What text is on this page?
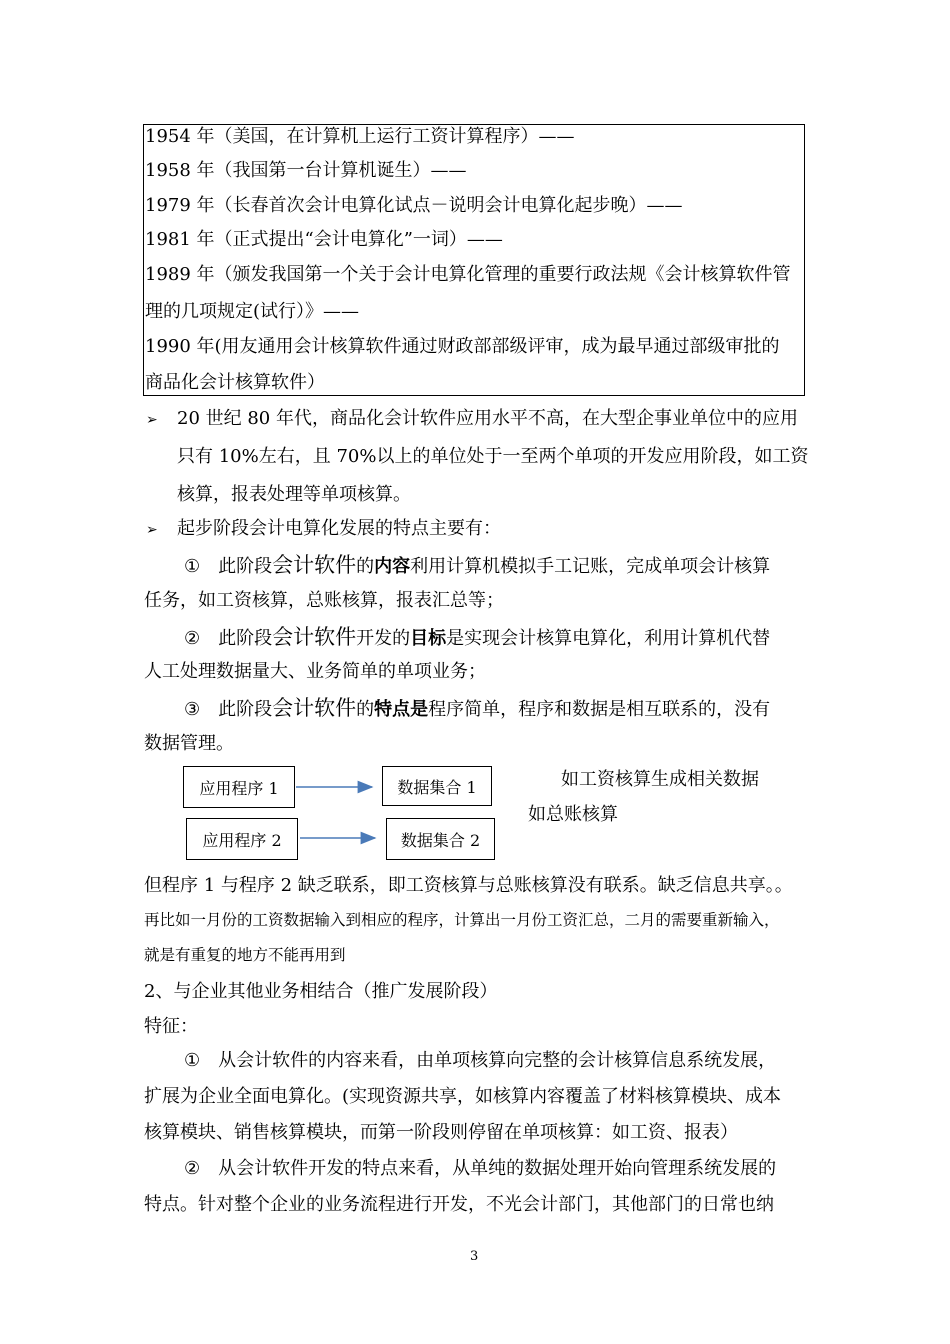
1954 年（美国，在计算机上运行工资计算程序）——
1958 年（我国第一台计算机诞生）——
1979 年（长春首次会计电算化试点－说明会计电算化起步晚）——
1981 年（正式提出“会计电算化”一词）——
1989 年（颁发我国第一个关于会计电算化管理的重要行政法规《会计核算软件管
理的几项规定(试行）》——
1990 年(用友通用会计核算软件通过财政部部级评审，成为最早通过部级审批的
商品化会计核算软件）
➢ 20 世纪 80 年代，商品化会计软件应用水平不高，在大型企事业单位中的应用
只有 10%左右，且 70%以上的单位处于一至两个单项的开发应用阶段，如工资
核算，报表处理等单项核算。
➢ 起步阶段会计电算化发展的特点主要有：
① 此阶段会计软件的内容利用计算机模拟手工记账，完成单项会计核算
任务，如工资核算，总账核算，报表汇总等；
② 此阶段会计软件开发的目标是实现会计核算电算化，利用计算机代替
人工处理数据量大、业务简单的单项业务；
③ 此阶段会计软件的特点是程序简单，程序和数据是相互联系的，没有
数据管理。
应用程序 1	数据集合 1
应用程序 2	数据集合 2
如工资核算生成相关数据
如总账核算
但程序 1 与程序 2 缺乏联系，即工资核算与总账核算没有联系。缺乏信息共享。。
再比如一月份的工资数据输入到相应的程序，计算出一月份工资汇总，二月的需要重新输入，
就是有重复的地方不能再用到
2、与企业其他业务相结合（推广发展阶段）
特征：
① 从会计软件的内容来看，由单项核算向完整的会计核算信息系统发展，
扩展为企业全面电算化。(实现资源共享，如核算内容覆盖了材料核算模块、成本
核算模块、销售核算模块，而第一阶段则停留在单项核算：如工资、报表）
② 从会计软件开发的特点来看，从单纯的数据处理开始向管理系统发展的
特点。针对整个企业的业务流程进行开发，不光会计部门，其他部门的日常也纳
3
